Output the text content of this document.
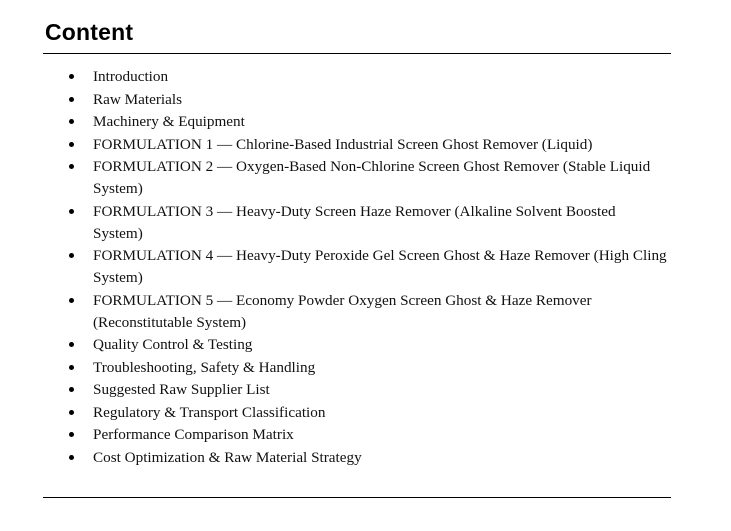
Content
Introduction
Raw Materials
Machinery & Equipment
FORMULATION 1 — Chlorine-Based Industrial Screen Ghost Remover (Liquid)
FORMULATION 2 — Oxygen-Based Non-Chlorine Screen Ghost Remover (Stable Liquid System)
FORMULATION 3 — Heavy-Duty Screen Haze Remover (Alkaline Solvent Boosted System)
FORMULATION 4 — Heavy-Duty Peroxide Gel Screen Ghost & Haze Remover (High Cling System)
FORMULATION 5 — Economy Powder Oxygen Screen Ghost & Haze Remover (Reconstitutable System)
Quality Control & Testing
Troubleshooting, Safety & Handling
Suggested Raw Supplier List
Regulatory & Transport Classification
Performance Comparison Matrix
Cost Optimization & Raw Material Strategy
